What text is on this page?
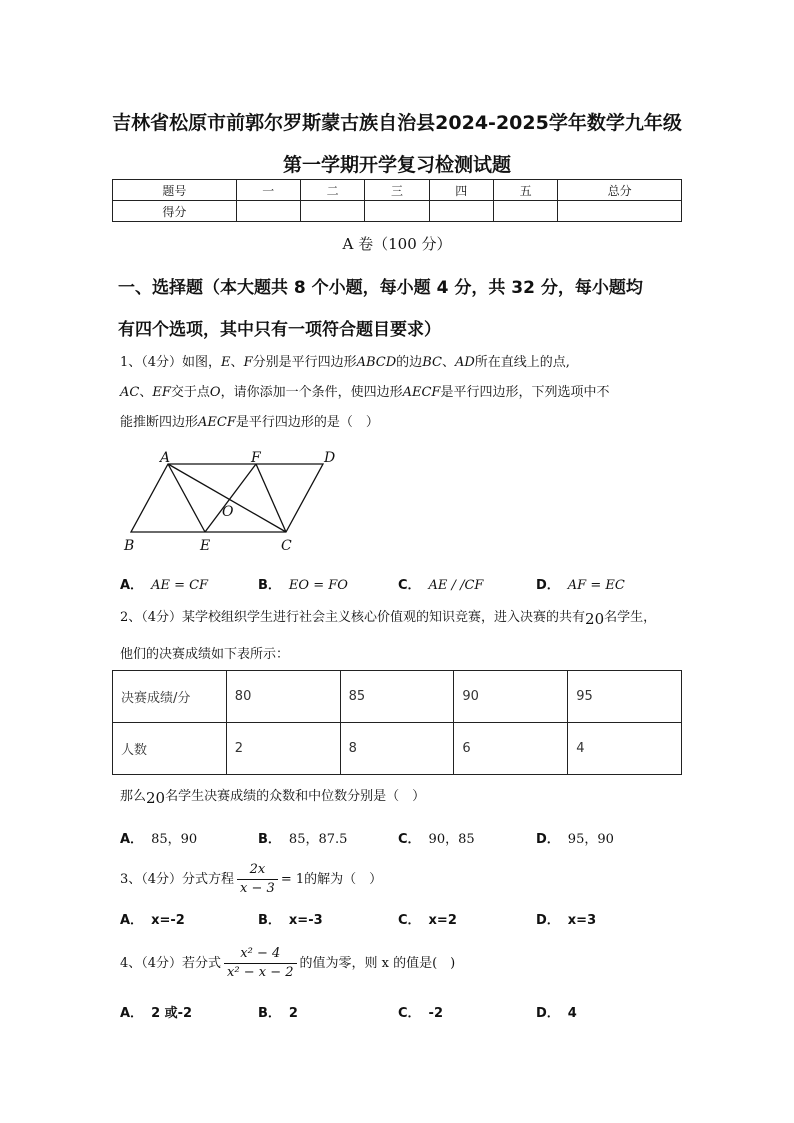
吉林省松原市前郭尔罗斯蒙古族自治县2024-2025学年数学九年级
第一学期开学复习检测试题
题号	一	二	三	四	五	总分
得分						
A 卷（100 分）
一、选择题（本大题共 8 个小题，每小题 4 分，共 32 分，每小题均
有四个选项，其中只有一项符合题目要求）
1、（4分）如图，E、F分别是平行四边形ABCD的边BC、AD所在直线上的点,
AC、EF交于点O，请你添加一个条件，使四边形AECF是平行四边形，下列选项中不
能推断四边形AECF是平行四边形的是（　）
A	F	D
O
B	E	C
A． AE = CF	B． EO = FO	C． AE / /CF	D． AF = EC
2、（4分）某学校组织学生进行社会主义核心价值观的知识竞赛，进入决赛的共有20名学生，
他们的决赛成绩如下表所示：
决赛成绩/分	80	85	90	95
人数	2	8	6	4
那么20名学生决赛成绩的众数和中位数分别是（　）
A． 85，90	B． 85，87.5	C． 90，85	D． 95，90
3、（4分）分式方程 $\frac{2x}{x - 3} = 1$的解为（　）
A． x=-2	B． x=-3	C． x=2	D． x=3
4、（4分）若分式 $\frac{\text{x² − 4}}{\text{x² − x − 2}}$ 的值为零，则 x 的值是(　)
A． 2 或-2	B． 2	C． -2	D． 4
